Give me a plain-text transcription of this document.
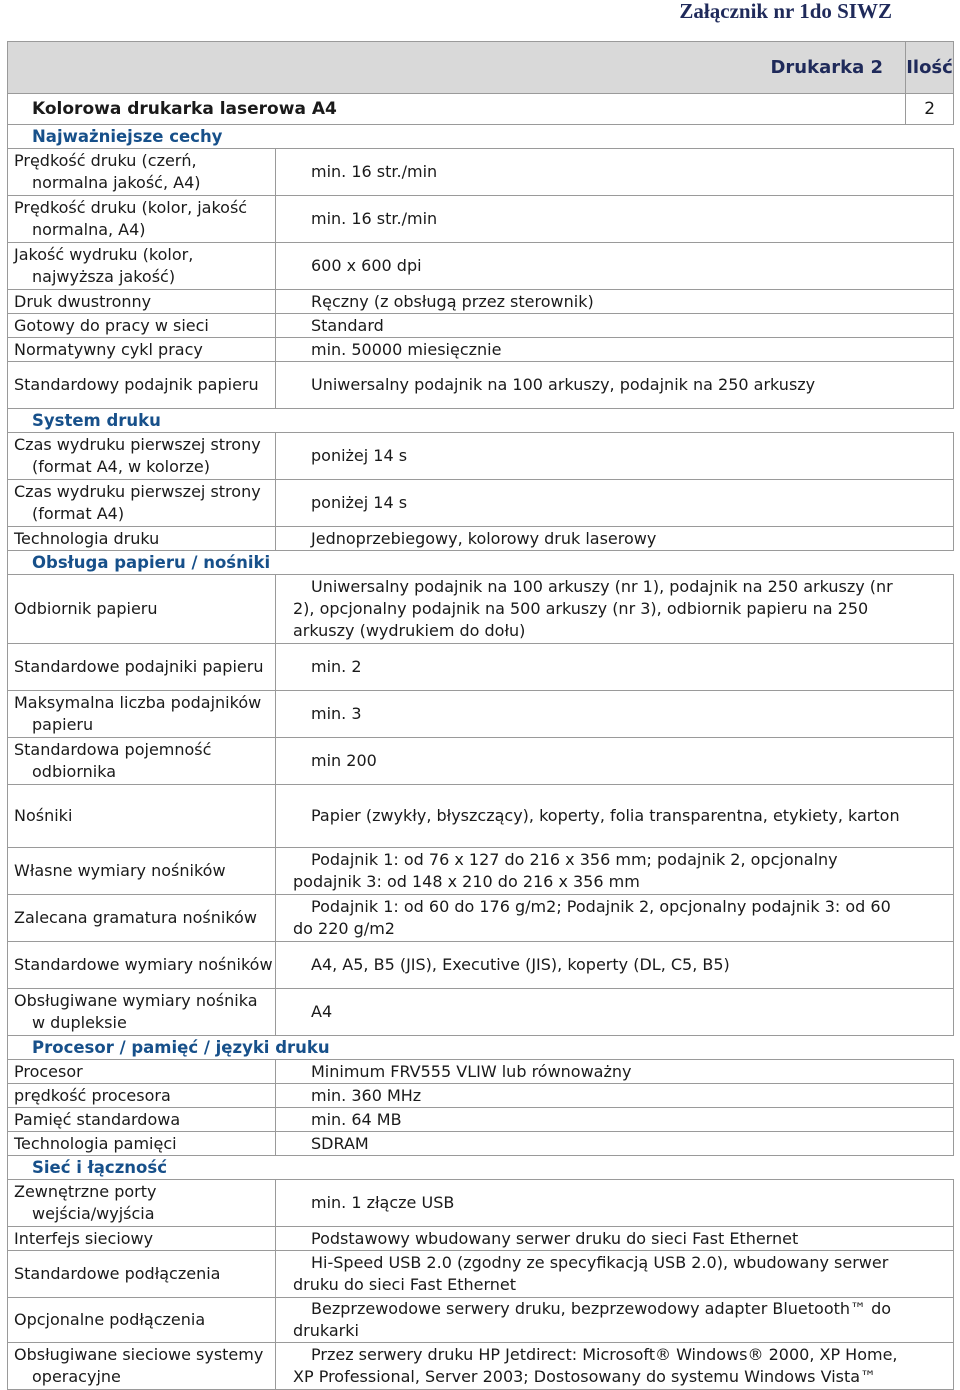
Załącznik nr 1do SIWZ
Drukarka 2		Ilość
Kolorowa drukarka laserowa A4		2
Najważniejsze cechy		
Prędkość druku (czerń, normalna jakość, A4)	min. 16 str./min	
Prędkość druku (kolor, jakość normalna, A4)	min. 16 str./min	
Jakość wydruku (kolor, najwyższa jakość)	600 x 600 dpi	
Druk dwustronny	Ręczny (z obsługą przez sterownik)	
Gotowy do pracy w sieci	Standard	
Normatywny cykl pracy	min. 50000 miesięcznie	
Standardowy podajnik papieru	Uniwersalny podajnik na 100 arkuszy, podajnik na 250 arkuszy	
System druku		
Czas wydruku pierwszej strony (format A4, w kolorze)	poniżej 14 s	
Czas wydruku pierwszej strony (format A4)	poniżej 14 s	
Technologia druku	Jednoprzebiegowy, kolorowy druk laserowy	
Obsługa papieru / nośniki		
Odbiornik papieru	Uniwersalny podajnik na 100 arkuszy (nr 1), podajnik na 250 arkuszy (nr 2), opcjonalny podajnik na 500 arkuszy (nr 3), odbiornik papieru na 250 arkuszy (wydrukiem do dołu)	
Standardowe podajniki papieru	min. 2	
Maksymalna liczba podajników papieru	min. 3	
Standardowa pojemność odbiornika	min 200	
Nośniki	Papier (zwykły, błyszczący), koperty, folia transparentna, etykiety, karton	
Własne wymiary nośników	Podajnik 1: od 76 x 127 do 216 x 356 mm; podajnik 2, opcjonalny podajnik 3: od 148 x 210 do 216 x 356 mm	
Zalecana gramatura nośników	Podajnik 1: od 60 do 176 g/m2; Podajnik 2, opcjonalny podajnik 3: od 60 do 220 g/m2	
Standardowe wymiary nośników	A4, A5, B5 (JIS), Executive (JIS), koperty (DL, C5, B5)	
Obsługiwane wymiary nośnika w dupleksie	A4	
Procesor / pamięć / języki druku		
Procesor	Minimum FRV555 VLIW lub równoważny	
prędkość procesora	min. 360 MHz	
Pamięć standardowa	min. 64 MB	
Technologia pamięci	SDRAM	
Sieć i łączność		
Zewnętrzne porty wejścia/wyjścia	min. 1 złącze USB	
Interfejs sieciowy	Podstawowy wbudowany serwer druku do sieci Fast Ethernet	
Standardowe podłączenia	Hi-Speed USB 2.0 (zgodny ze specyfikacją USB 2.0), wbudowany serwer druku do sieci Fast Ethernet	
Opcjonalne podłączenia	Bezprzewodowe serwery druku, bezprzewodowy adapter Bluetooth™ do drukarki	
Obsługiwane sieciowe systemy operacyjne	Przez serwery druku HP Jetdirect: Microsoft® Windows® 2000, XP Home, XP Professional, Server 2003; Dostosowany do systemu Windows Vista™	
